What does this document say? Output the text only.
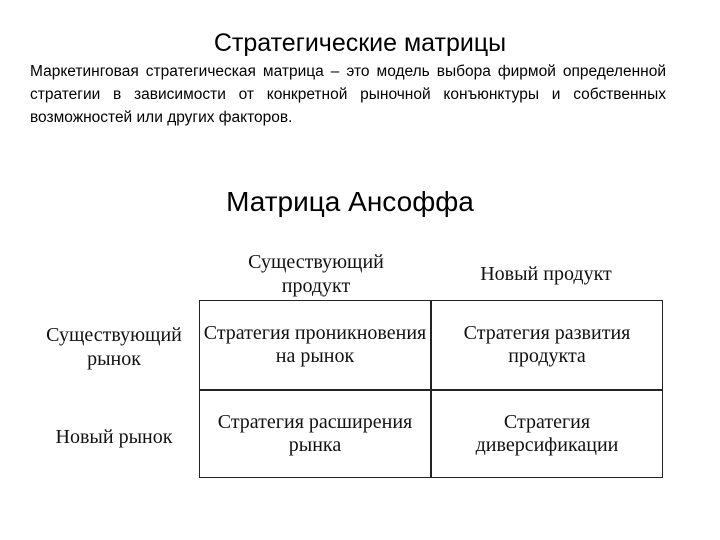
Стратегические матрицы
Маркетинговая стратегическая матрица – это модель выбора фирмой определенной стратегии в зависимости от конкретной рыночной конъюнктуры и собственных возможностей или других факторов.
Матрица Ансоффа
Существующий продукт
Новый продукт
Существующий рынок
Новый рынок
Стратегия проникновения на рынок
Стратегия развития продукта
Стратегия расширения рынка
Стратегия диверсификации
